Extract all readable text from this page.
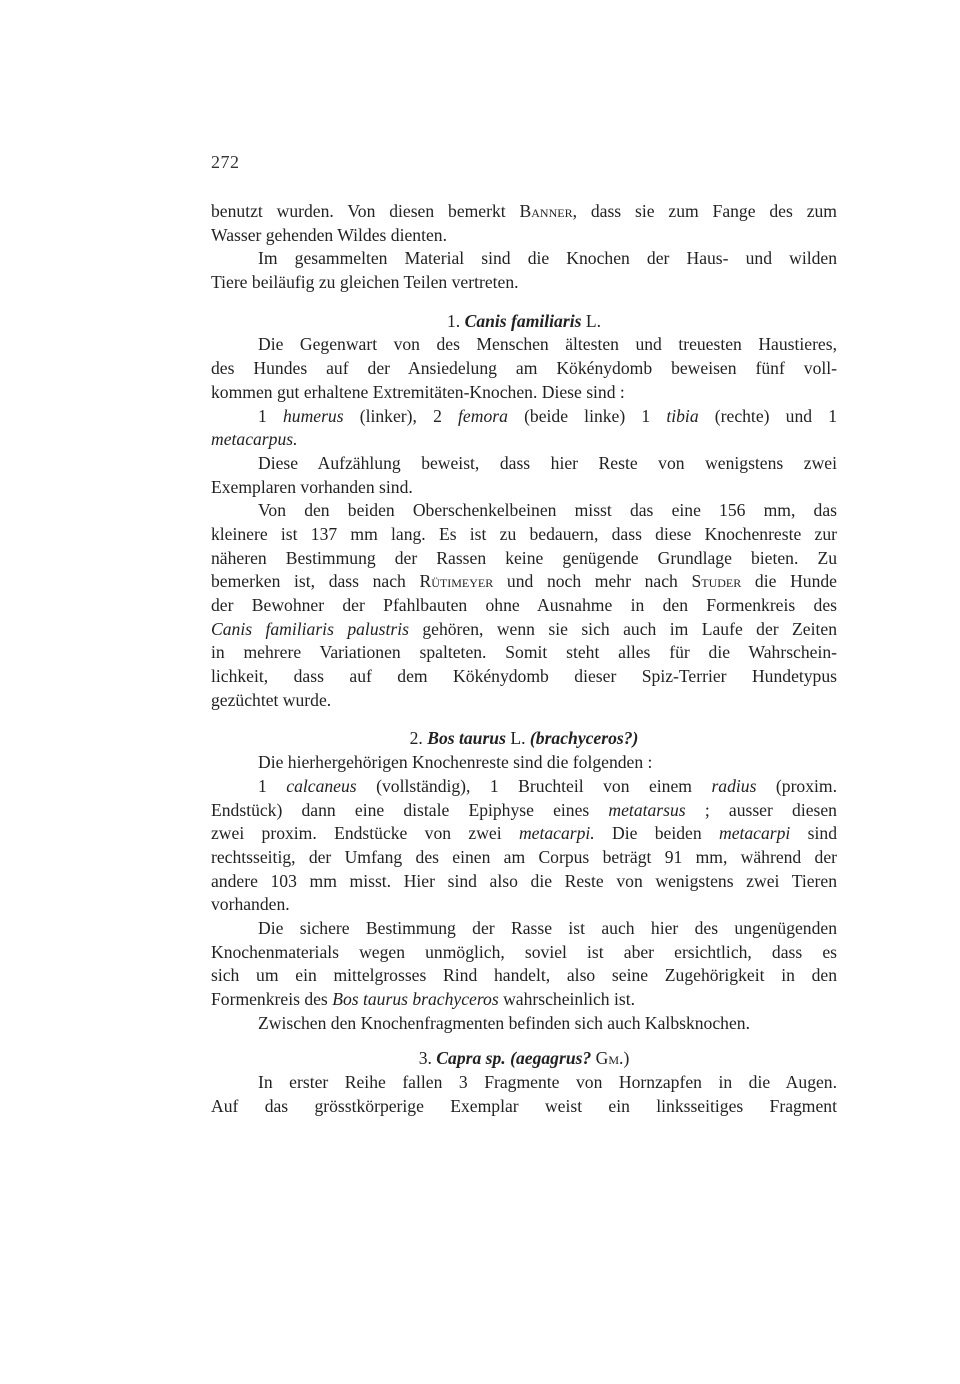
272
benutzt wurden. Von diesen bemerkt Banner, dass sie zum Fange des zum
Wasser gehenden Wildes dienten.
Im gesammelten Material sind die Knochen der Haus- und wilden
Tiere beiläufig zu gleichen Teilen vertreten.
1. Canis familiaris L.
Die Gegenwart von des Menschen ältesten und treuesten Haustieres,
des Hundes auf der Ansiedelung am Kökénydomb beweisen fünf voll-
kommen gut erhaltene Extremitäten-Knochen. Diese sind :
1 humerus (linker), 2 femora (beide linke) 1 tibia (rechte) und 1
metacarpus.
Diese Aufzählung beweist, dass hier Reste von wenigstens zwei
Exemplaren vorhanden sind.
Von den beiden Oberschenkelbeinen misst das eine 156 mm, das
kleinere ist 137 mm lang. Es ist zu bedauern, dass diese Knochenreste zur
näheren Bestimmung der Rassen keine genügende Grundlage bieten. Zu
bemerken ist, dass nach Rütimeyer und noch mehr nach Studer die Hunde
der Bewohner der Pfahlbauten ohne Ausnahme in den Formenkreis des
Canis familiaris palustris gehören, wenn sie sich auch im Laufe der Zeiten
in mehrere Variationen spalteten. Somit steht alles für die Wahrschein-
lichkeit, dass auf dem Kökénydomb dieser Spiz-Terrier Hundetypus
gezüchtet wurde.
2. Bos taurus L. (brachyceros?)
Die hierhergehörigen Knochenreste sind die folgenden :
1 calcaneus (vollständig), 1 Bruchteil von einem radius (proxim.
Endstück) dann eine distale Epiphyse eines metatarsus ; ausser diesen
zwei proxim. Endstücke von zwei metacarpi. Die beiden metacarpi sind
rechtsseitig, der Umfang des einen am Corpus beträgt 91 mm, während der
andere 103 mm misst. Hier sind also die Reste von wenigstens zwei Tieren
vorhanden.
Die sichere Bestimmung der Rasse ist auch hier des ungenügenden
Knochenmaterials wegen unmöglich, soviel ist aber ersichtlich, dass es
sich um ein mittelgrosses Rind handelt, also seine Zugehörigkeit in den
Formenkreis des Bos taurus brachyceros wahrscheinlich ist.
Zwischen den Knochenfragmenten befinden sich auch Kalbsknochen.
3. Capra sp. (aegagrus? Gm.)
In erster Reihe fallen 3 Fragmente von Hornzapfen in die Augen.
Auf das grösstkörperige Exemplar weist ein linksseitiges Fragment
